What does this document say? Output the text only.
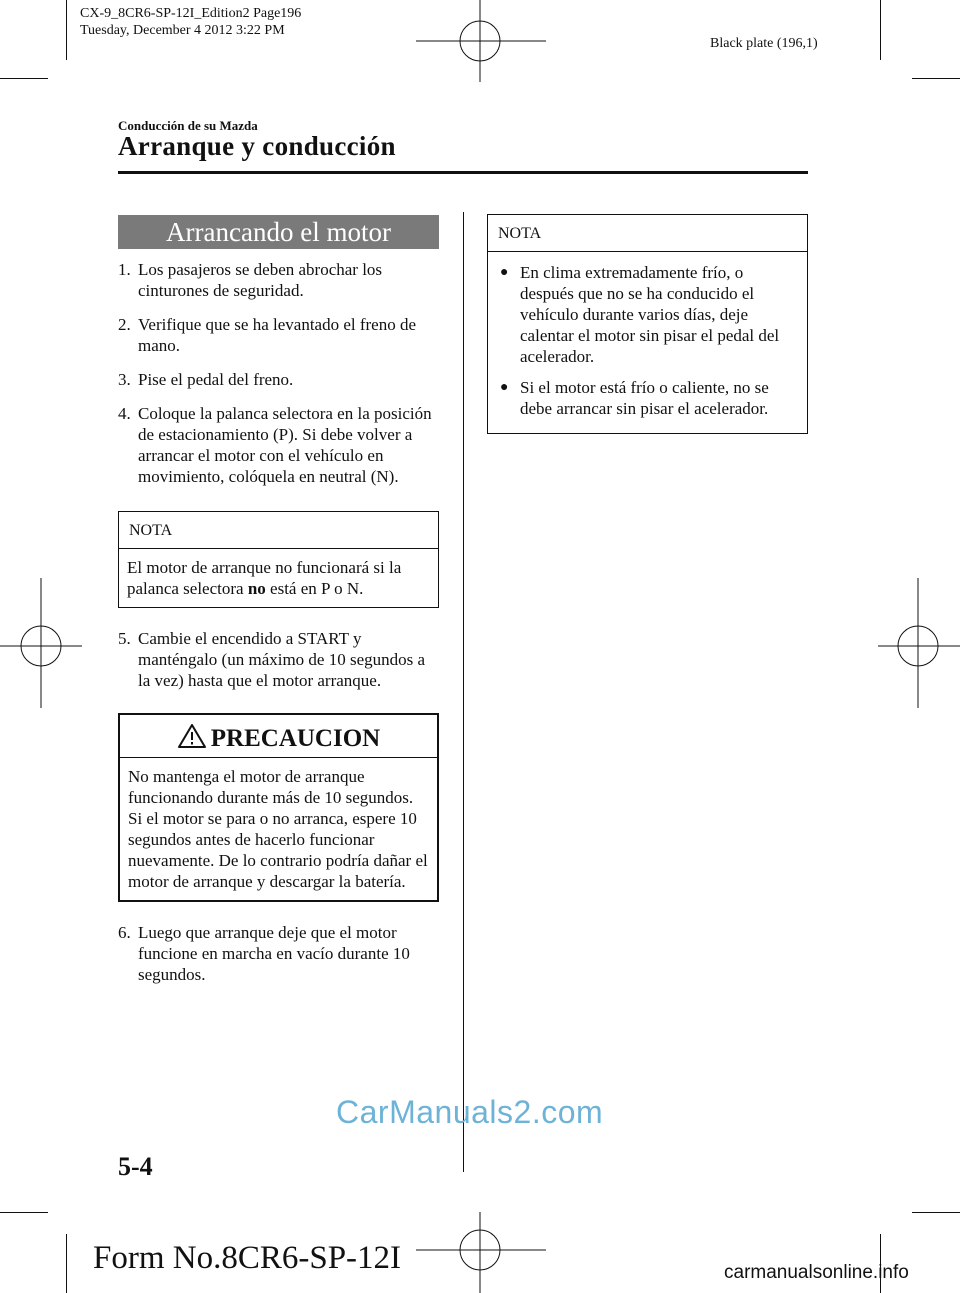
CX-9_8CR6-SP-12I_Edition2 Page196
Tuesday, December 4 2012 3:22 PM
Black plate (196,1)
Conducción de su Mazda
Arranque y conducción
Arrancando el motor
1. Los pasajeros se deben abrochar los cinturones de seguridad.
2. Verifique que se ha levantado el freno de mano.
3. Pise el pedal del freno.
4. Coloque la palanca selectora en la posición de estacionamiento (P). Si debe volver a arrancar el motor con el vehículo en movimiento, colóquela en neutral (N).
NOTA
El motor de arranque no funcionará si la palanca selectora no está en P o N.
5. Cambie el encendido a START y manténgalo (un máximo de 10 segundos a la vez) hasta que el motor arranque.
PRECAUCION
No mantenga el motor de arranque funcionando durante más de 10 segundos. Si el motor se para o no arranca, espere 10 segundos antes de hacerlo funcionar nuevamente. De lo contrario podría dañar el motor de arranque y descargar la batería.
6. Luego que arranque deje que el motor funcione en marcha en vacío durante 10 segundos.
NOTA
● En clima extremadamente frío, o después que no se ha conducido el vehículo durante varios días, deje calentar el motor sin pisar el pedal del acelerador.
● Si el motor está frío o caliente, no se debe arrancar sin pisar el acelerador.
CarManuals2.com
5-4
Form No.8CR6-SP-12I	carmanualsonline.info
